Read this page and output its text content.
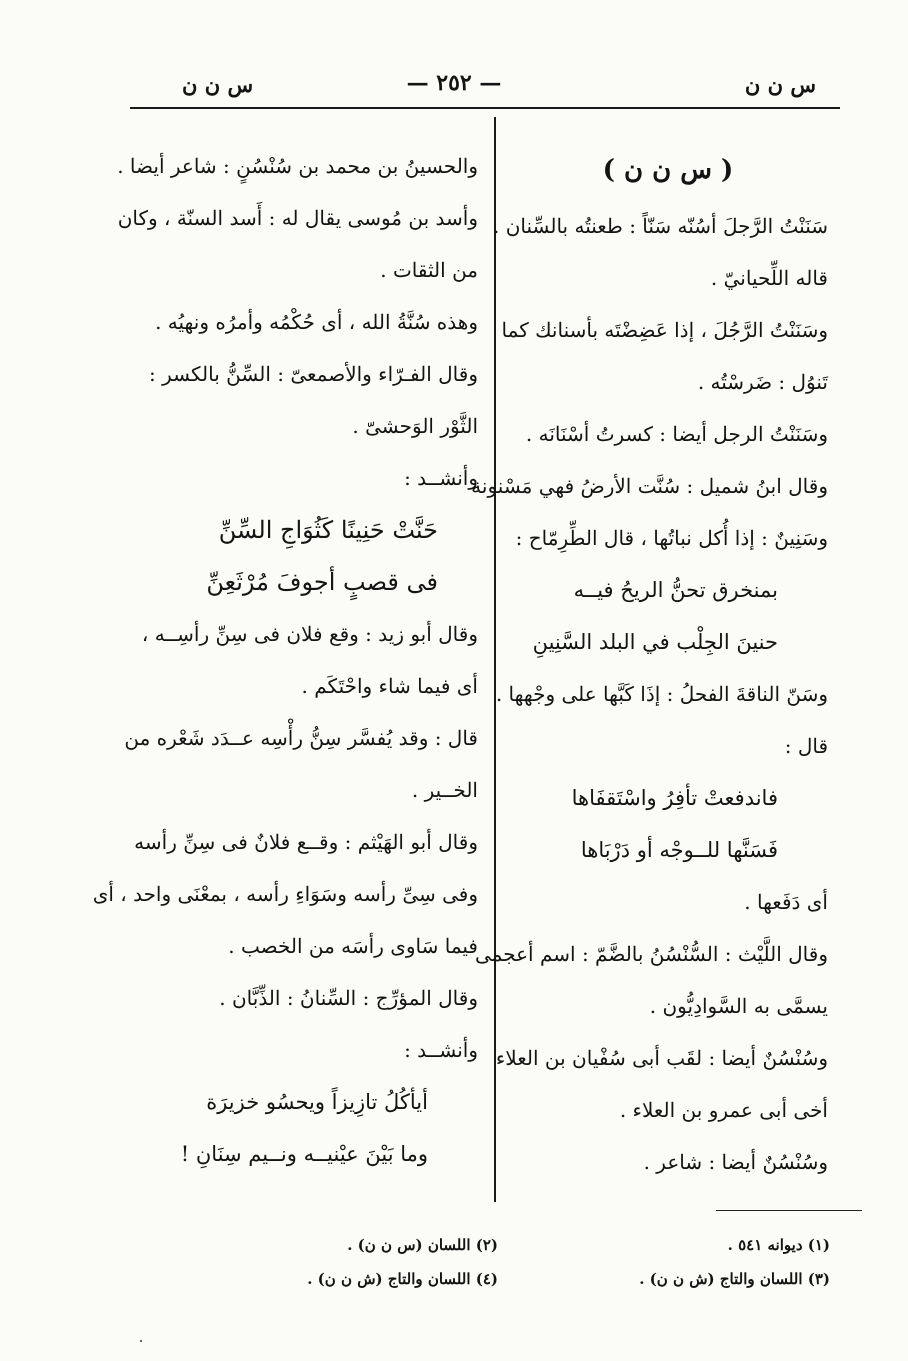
س ن ن
— ٢٥٢ —
س ن ن

( س ن ن )

سَنَنْتُ الرَّجلَ أسُنّه سَنّاً : طعنتُه بالسِّنان .

قاله اللِّحيانيّ .

وسَنَنْتُ الرَّجُلَ ، إذا عَضِضْتَه بأسنانك كما

تَنوُل : ضَرسْتُه .

وسَنَنْتُ الرجل أيضا : كسرتُ أسْنَانَه .

وقال ابنُ شميل : سُنَّت الأرضُ فهي مَسْنونة

وسَنِينٌ : إذا أُكل نباتُها ، قال الطِّرِمّاح :

بمنخرق تحنُّ الريحُ فيــه

حنينَ الجِلْب في البلد السَّنِينِ

وسَنّ الناقةَ الفحلُ : إذَا كَبَّها على وجْهها .

قال :

فاندفعتْ تأفِرُ واسْتَقفَاها

فَسَنَّها للــوجْه أو دَرْبَاها

أى دَفَعها .

وقال اللَّيْث : السُّنْسُنُ بالضَّمّ : اسم أعجمى

يسمَّى به السَّوادِيُّون .

وسُنْسُنٌ أيضا : لقَب أبى سُفْيان بن العلاء

أخى أبى عمرو بن العلاء .

وسُنْسُنٌ أيضا : شاعر .

والحسينُ بن محمد بن سُنْسُنٍ : شاعر أيضا .

وأسد بن مُوسى يقال له : أَسد السنّة ، وكان

من الثقات .

وهذه سُنَّةُ الله ، أى حُكْمُه وأمرُه ونهيُه .

وقال الفـرّاء والأصمعىّ : السِّنُّ بالكسر :

الثَّوْر الوَحشىّ .

وأنشــد :

حَنَّتْ حَنِينًا كَثُوَاجِ السِّنِّ

فى قصبٍ أجوفَ مُرْثَعِنِّ

وقال أبو زيد : وقع فلان فى سِنِّ رأسِــه ،

أى فيما شاء واحْتَكَم .

قال : وقد يُفسَّر سِنُّ رأْسِه عــدَد شَعْره من

الخــير .

وقال أبو الهَيْثم : وقــع فلانٌ فى سِنِّ رأسه

وفى سِىِّ رأسه وسَوَاءِ رأسه ، بمعْنَى واحد ، أى

فيما سَاوى رأسَه من الخصب .

وقال المؤرِّج : السِّنانُ : الذِّبَّان .

وأنشــد :

أيأكُلُ تازِيزاً ويحسُو خزيرَة

وما بَيْنَ عيْنيــه ونــيم سِنَانِ !

(١) ديوانه ٥٤١ .
(٢) اللسان (س ن ن) .
(٣) اللسان والتاج (ش ن ن) .
(٤) اللسان والتاج (ش ن ن) .
